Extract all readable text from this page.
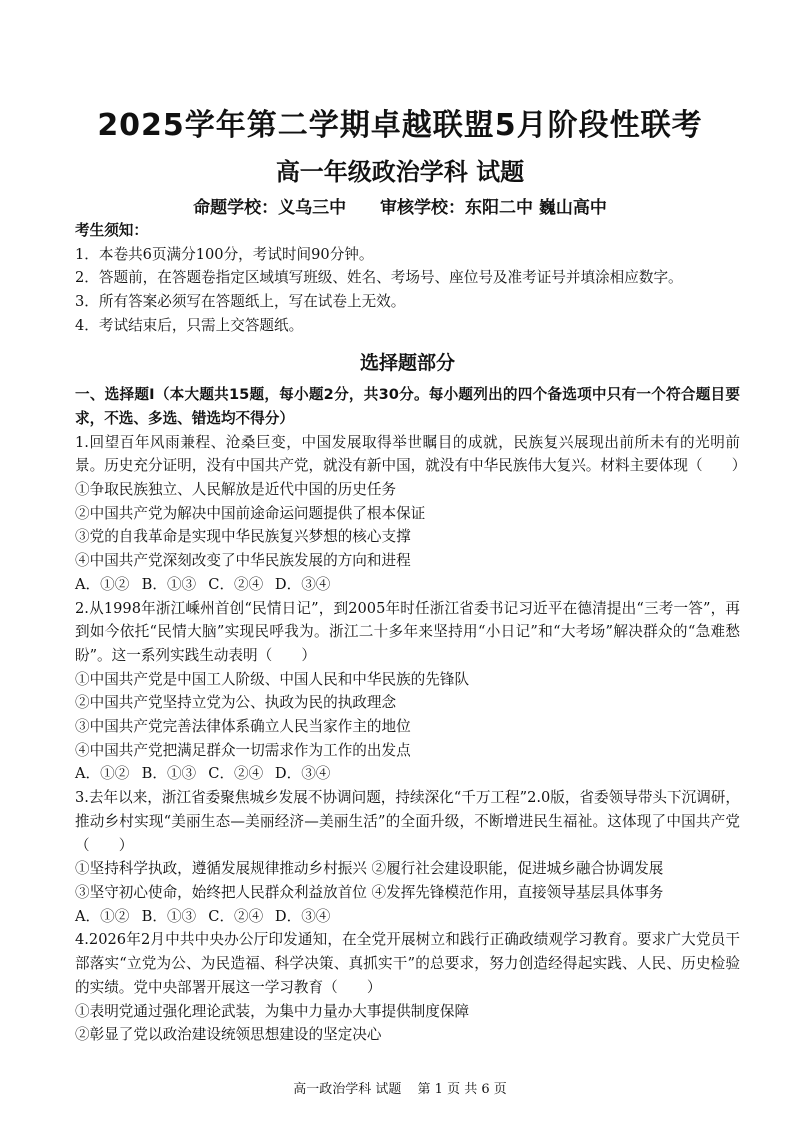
2025学年第二学期卓越联盟5月阶段性联考
高一年级政治学科 试题
命题学校：义乌三中 审核学校：东阳二中 巍山高中
考生须知：
1．本卷共6页满分100分，考试时间90分钟。
2．答题前，在答题卷指定区域填写班级、姓名、考场号、座位号及准考证号并填涂相应数字。
3．所有答案必须写在答题纸上，写在试卷上无效。
4．考试结束后，只需上交答题纸。
选择题部分
一、选择题Ⅰ（本大题共15题，每小题2分，共30分。每小题列出的四个备选项中只有一个符合题目要求，不选、多选、错选均不得分）
1.回望百年风雨兼程、沧桑巨变，中国发展取得举世瞩目的成就，民族复兴展现出前所未有的光明前景。历史充分证明，没有中国共产党，就没有新中国，就没有中华民族伟大复兴。材料主要体现（　　）
①争取民族独立、人民解放是近代中国的历史任务
②中国共产党为解决中国前途命运问题提供了根本保证
③党的自我革命是实现中华民族复兴梦想的核心支撑
④中国共产党深刻改变了中华民族发展的方向和进程
A．①② B．①③ C．②④ D．③④
2.从1998年浙江嵊州首创“民情日记”，到2005年时任浙江省委书记习近平在德清提出“三考一答”，再到如今依托“民情大脑”实现民呼我为。浙江二十多年来坚持用“小日记”和“大考场”解决群众的“急难愁盼”。这一系列实践生动表明（　　）
①中国共产党是中国工人阶级、中国人民和中华民族的先锋队
②中国共产党坚持立党为公、执政为民的执政理念
③中国共产党完善法律体系确立人民当家作主的地位
④中国共产党把满足群众一切需求作为工作的出发点
A．①② B．①③ C．②④ D．③④
3.去年以来，浙江省委聚焦城乡发展不协调问题，持续深化“千万工程”2.0版，省委领导带头下沉调研，推动乡村实现“美丽生态—美丽经济—美丽生活”的全面升级，不断增进民生福祉。这体现了中国共产党（　　）
①坚持科学执政，遵循发展规律推动乡村振兴 ②履行社会建设职能，促进城乡融合协调发展
③坚守初心使命，始终把人民群众利益放首位 ④发挥先锋模范作用，直接领导基层具体事务
A．①② B．①③ C．②④ D．③④
4.2026年2月中共中央办公厅印发通知，在全党开展树立和践行正确政绩观学习教育。要求广大党员干部落实“立党为公、为民造福、科学决策、真抓实干”的总要求，努力创造经得起实践、人民、历史检验的实绩。党中央部署开展这一学习教育（　　）
①表明党通过强化理论武装，为集中力量办大事提供制度保障
②彰显了党以政治建设统领思想建设的坚定决心
高一政治学科 试题 第 1 页 共 6 页
